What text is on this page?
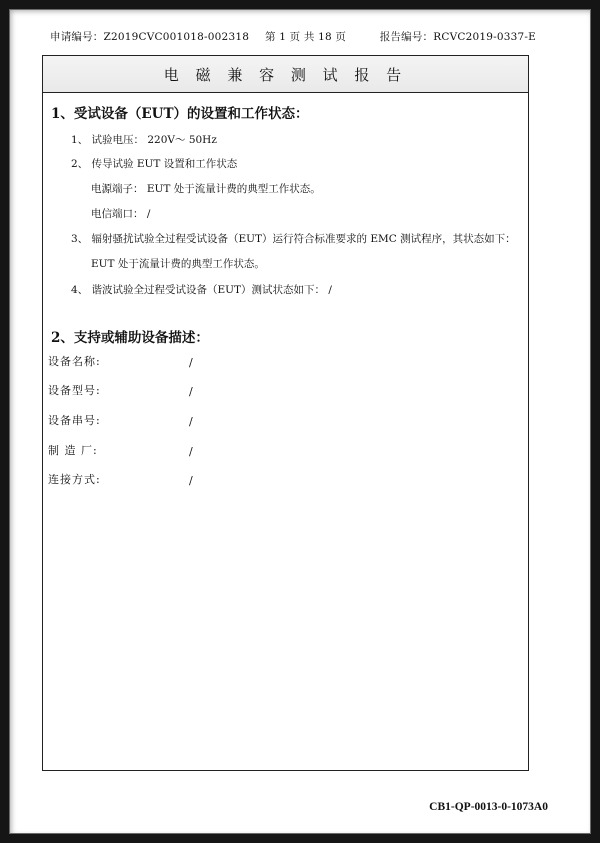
申请编号：Z2019CVC001018-002318 第 1 页 共 18 页	报告编号：RCVC2019-0337-E
电 磁 兼 容 测 试 报 告
1、受试设备（EUT）的设置和工作状态：
1、 试验电压： 220V～ 50Hz
2、 传导试验 EUT 设置和工作状态
电源端子： EUT 处于流量计费的典型工作状态。
电信端口： /
3、 辐射骚扰试验全过程受试设备（EUT）运行符合标准要求的 EMC 测试程序，其状态如下：
EUT 处于流量计费的典型工作状态。
4、 谐波试验全过程受试设备（EUT）测试状态如下： /
2、支持或辅助设备描述：
设备名称:	/
设备型号:	/
设备串号:	/
制 造 厂:	/
连接方式:	/
CB1-QP-0013-0-1073A0
